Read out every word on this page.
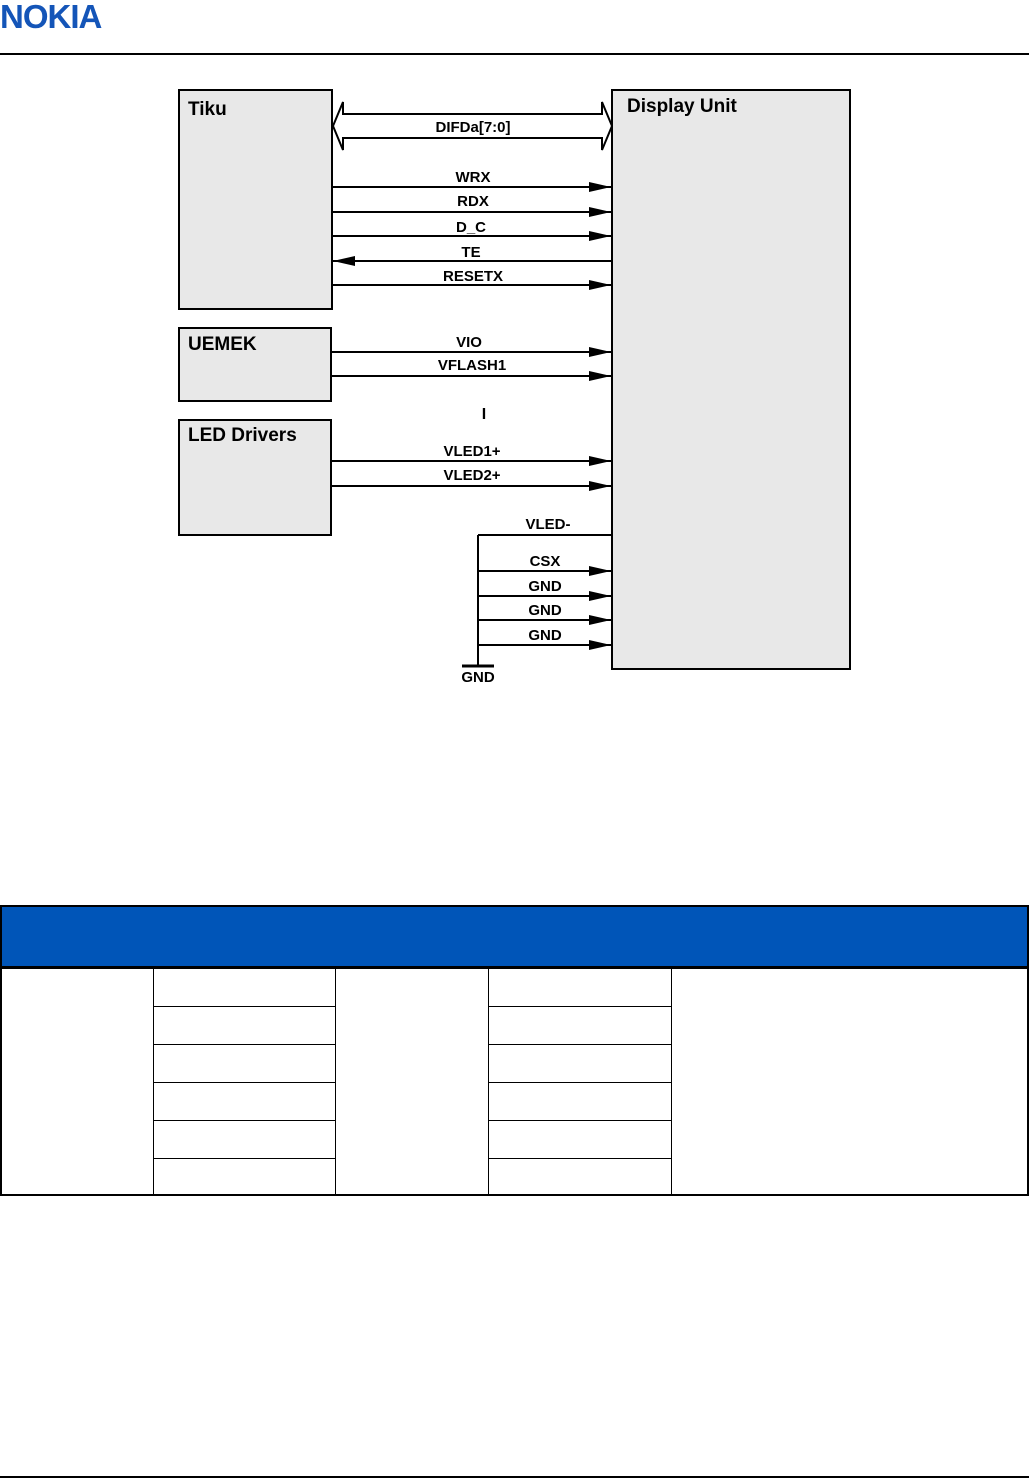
NOKIA
Tiku
UEMEK
LED Drivers
Display Unit
DIFDa[7:0]
WRX
RDX
D_C
TE
RESETX
VIO
VFLASH1
I
VLED1+
VLED2+
VLED-
CSX
GND
GND
GND
GND
